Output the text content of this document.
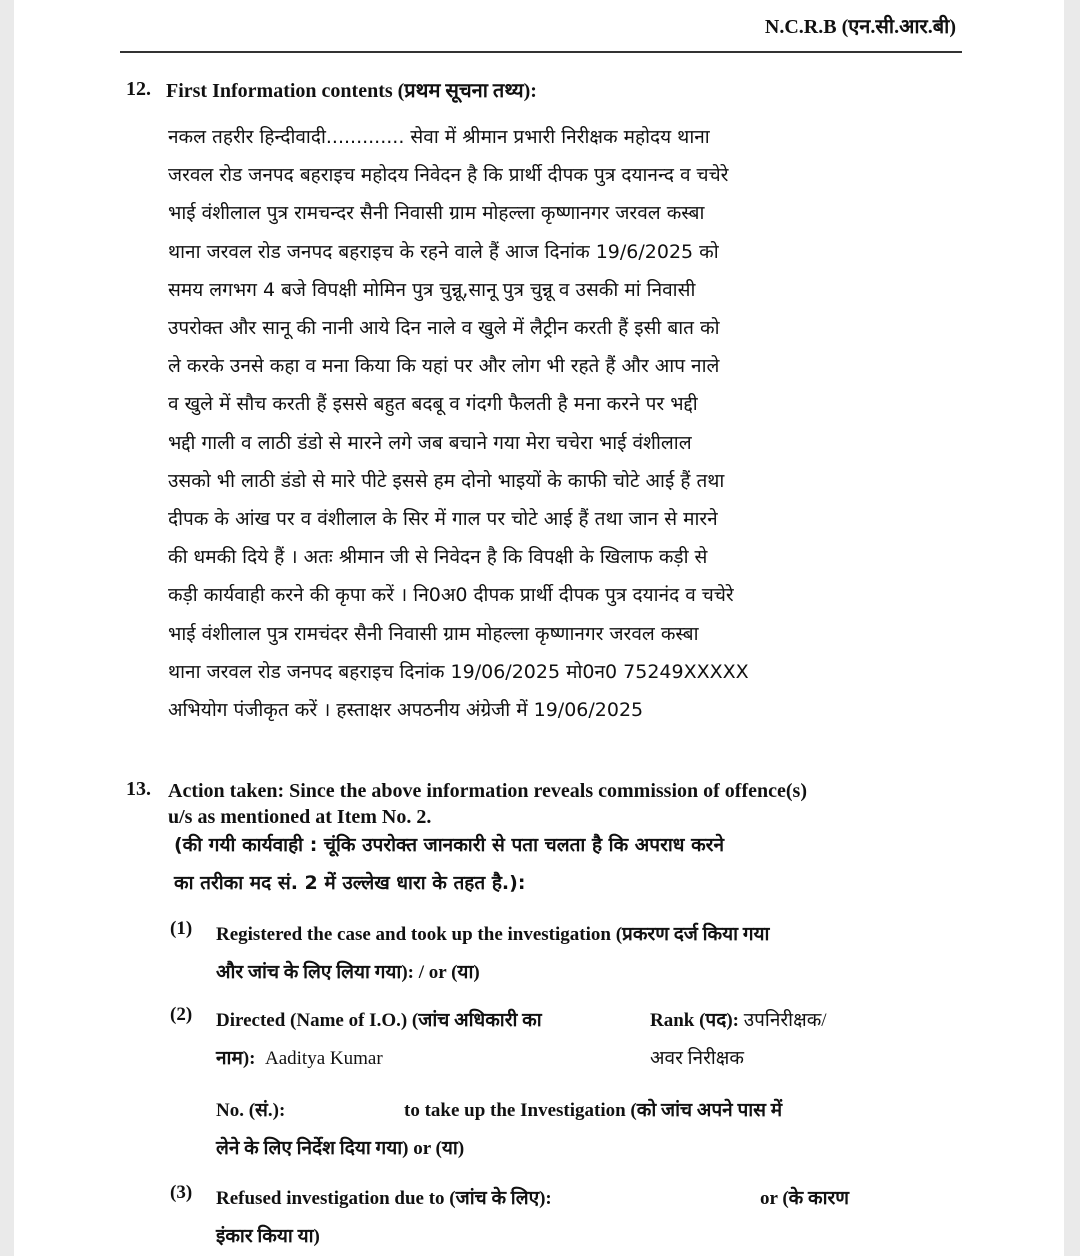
N.C.R.B (एन.सी.आर.बी)
12. First Information contents (प्रथम सूचना तथ्य):
नकल तहरीर हिन्दीवादी............. सेवा में श्रीमान प्रभारी निरीक्षक महोदय थाना
जरवल रोड जनपद बहराइच महोदय निवेदन है कि प्रार्थी दीपक पुत्र दयानन्द व चचेरे
भाई वंशीलाल पुत्र रामचन्दर सैनी निवासी ग्राम मोहल्ला कृष्णानगर जरवल कस्बा
थाना जरवल रोड जनपद बहराइच के रहने वाले हैं आज दिनांक 19/6/2025 को
समय लगभग 4 बजे विपक्षी मोमिन पुत्र चुन्नू,सानू पुत्र चुन्नू व उसकी मां निवासी
उपरोक्त और सानू की नानी आये दिन नाले व खुले में लैट्रीन करती हैं इसी बात को
ले करके उनसे कहा व मना किया कि यहां पर और लोग भी रहते हैं और आप नाले
व खुले में सौच करती हैं इससे बहुत बदबू व गंदगी फैलती है मना करने पर भद्दी
भद्दी गाली व लाठी डंडो से मारने लगे जब बचाने गया मेरा चचेरा भाई वंशीलाल
उसको भी लाठी डंडो से मारे पीटे इससे हम दोनो भाइयों के काफी चोटे आई हैं तथा
दीपक के आंख पर व वंशीलाल के सिर में गाल पर चोटे आई हैं तथा जान से मारने
की धमकी दिये हैं । अतः श्रीमान जी से निवेदन है कि विपक्षी के खिलाफ कड़ी से
कड़ी कार्यवाही करने की कृपा करें । नि0अ0 दीपक प्रार्थी दीपक पुत्र दयानंद व चचेरे
भाई वंशीलाल पुत्र रामचंदर सैनी निवासी ग्राम मोहल्ला कृष्णानगर जरवल कस्बा
थाना जरवल रोड जनपद बहराइच दिनांक 19/06/2025 मो0न0 75249XXXXX
अभियोग पंजीकृत करें । हस्ताक्षर अपठनीय अंग्रेजी में 19/06/2025
13. Action taken: Since the above information reveals commission of offence(s)
u/s as mentioned at Item No. 2.
(की गयी कार्यवाही : चूंकि उपरोक्त जानकारी से पता चलता है कि अपराध करने
का तरीका मद सं. 2 में उल्लेख धारा के तहत है.):
(1) Registered the case and took up the investigation (प्रकरण दर्ज किया गया
और जांच के लिए लिया गया): / or (या)
(2) Directed (Name of I.O.) (जांच अधिकारी का
नाम): Aaditya Kumar
Rank (पद): उपनिरीक्षक/
अवर निरीक्षक
No. (सं.):	to take up the Investigation (को जांच अपने पास में
लेने के लिए निर्देश दिया गया) or (या)
(3) Refused investigation due to (जांच के लिए):	or (के कारण
इंकार किया या)
